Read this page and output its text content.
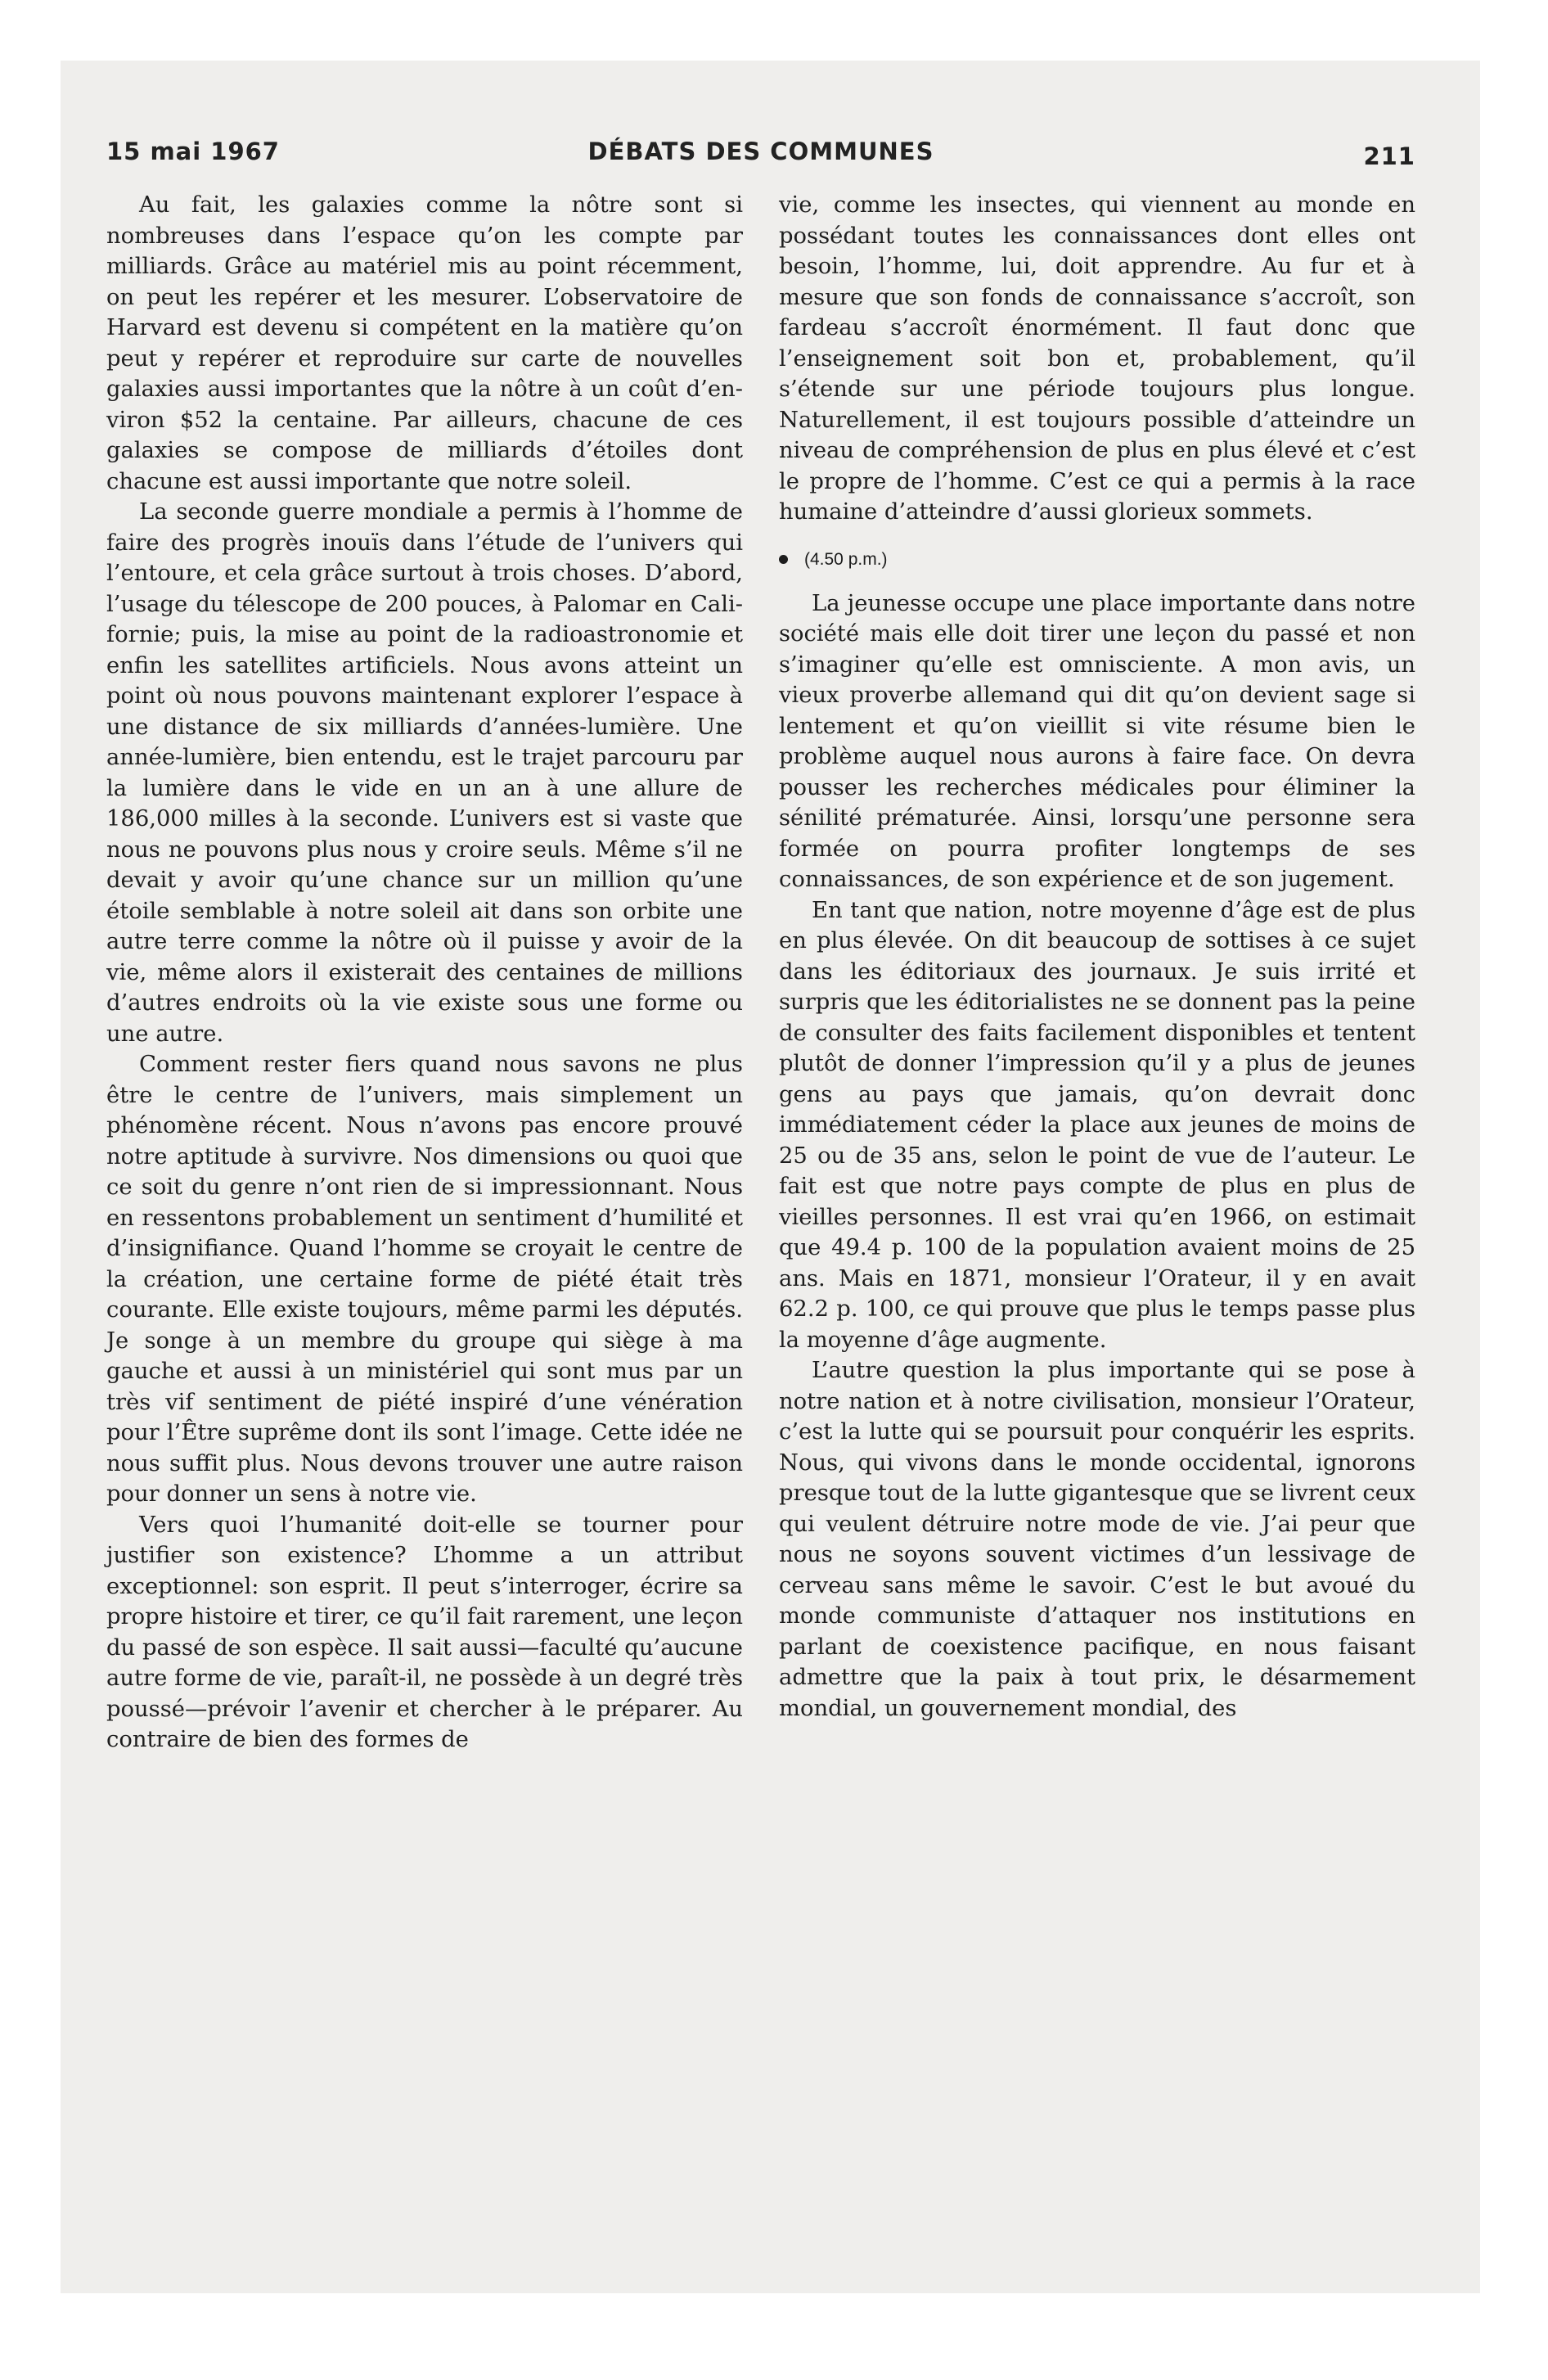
15 mai 1967	DÉBATS DES COMMUNES	211

Au fait, les galaxies comme la nôtre sont si nombreuses dans l’espace qu’on les compte par milliards. Grâce au matériel mis au point récemment, on peut les repérer et les mesurer. L’observatoire de Harvard est devenu si compétent en la matière qu’on peut y repérer et reproduire sur carte de nouvelles galaxies aussi importantes que la nôtre à un coût d’environ $52 la centaine. Par ailleurs, chacune de ces galaxies se compose de milliards d’étoiles dont chacune est aussi importante que notre soleil.

La seconde guerre mondiale a permis à l’homme de faire des progrès inouïs dans l’étude de l’univers qui l’entoure, et cela grâce surtout à trois choses. D’abord, l’usage du télescope de 200 pouces, à Palomar en Californie; puis, la mise au point de la radioastronomie et enfin les satellites artificiels. Nous avons atteint un point où nous pouvons maintenant explorer l’espace à une distance de six milliards d’années-lumière. Une année-lumière, bien entendu, est le trajet parcouru par la lumière dans le vide en un an à une allure de 186,000 milles à la seconde. L’univers est si vaste que nous ne pouvons plus nous y croire seuls. Même s’il ne devait y avoir qu’une chance sur un million qu’une étoile semblable à notre soleil ait dans son orbite une autre terre comme la nôtre où il puisse y avoir de la vie, même alors il existerait des centaines de millions d’autres endroits où la vie existe sous une forme ou une autre.

Comment rester fiers quand nous savons ne plus être le centre de l’univers, mais simplement un phénomène récent. Nous n’avons pas encore prouvé notre aptitude à survivre. Nos dimensions ou quoi que ce soit du genre n’ont rien de si impressionnant. Nous en ressentons probablement un sentiment d’humilité et d’insignifiance. Quand l’homme se croyait le centre de la création, une certaine forme de piété était très courante. Elle existe toujours, même parmi les députés. Je songe à un membre du groupe qui siège à ma gauche et aussi à un ministériel qui sont mus par un très vif sentiment de piété inspiré d’une vénération pour l’Être suprême dont ils sont l’image. Cette idée ne nous suffit plus. Nous devons trouver une autre raison pour donner un sens à notre vie.

Vers quoi l’humanité doit-elle se tourner pour justifier son existence? L’homme a un attribut exceptionnel: son esprit. Il peut s’interroger, écrire sa propre histoire et tirer, ce qu’il fait rarement, une leçon du passé de son espèce. Il sait aussi—faculté qu’aucune autre forme de vie, paraît-il, ne possède à un degré très poussé—prévoir l’avenir et chercher à le préparer. Au contraire de bien des formes de

vie, comme les insectes, qui viennent au monde en possédant toutes les connaissances dont elles ont besoin, l’homme, lui, doit apprendre. Au fur et à mesure que son fonds de connaissance s’accroît, son fardeau s’accroît énormément. Il faut donc que l’enseignement soit bon et, probablement, qu’il s’étende sur une période toujours plus longue. Naturellement, il est toujours possible d’atteindre un niveau de compréhension de plus en plus élevé et c’est le propre de l’homme. C’est ce qui a permis à la race humaine d’atteindre d’aussi glorieux sommets.

(4.50 p.m.)

La jeunesse occupe une place importante dans notre société mais elle doit tirer une leçon du passé et non s’imaginer qu’elle est omnisciente. A mon avis, un vieux proverbe allemand qui dit qu’on devient sage si lentement et qu’on vieillit si vite résume bien le problème auquel nous aurons à faire face. On devra pousser les recherches médicales pour éliminer la sénilité prématurée. Ainsi, lorsqu’une personne sera formée on pourra profiter longtemps de ses connaissances, de son expérience et de son jugement.

En tant que nation, notre moyenne d’âge est de plus en plus élevée. On dit beaucoup de sottises à ce sujet dans les éditoriaux des journaux. Je suis irrité et surpris que les éditorialistes ne se donnent pas la peine de consulter des faits facilement disponibles et tentent plutôt de donner l’impression qu’il y a plus de jeunes gens au pays que jamais, qu’on devrait donc immédiatement céder la place aux jeunes de moins de 25 ou de 35 ans, selon le point de vue de l’auteur. Le fait est que notre pays compte de plus en plus de vieilles personnes. Il est vrai qu’en 1966, on estimait que 49.4 p. 100 de la population avaient moins de 25 ans. Mais en 1871, monsieur l’Orateur, il y en avait 62.2 p. 100, ce qui prouve que plus le temps passe plus la moyenne d’âge augmente.

L’autre question la plus importante qui se pose à notre nation et à notre civilisation, monsieur l’Orateur, c’est la lutte qui se poursuit pour conquérir les esprits. Nous, qui vivons dans le monde occidental, ignorons presque tout de la lutte gigantesque que se livrent ceux qui veulent détruire notre mode de vie. J’ai peur que nous ne soyons souvent victimes d’un lessivage de cerveau sans même le savoir. C’est le but avoué du monde communiste d’attaquer nos institutions en parlant de coexistence pacifique, en nous faisant admettre que la paix à tout prix, le désarmement mondial, un gouvernement mondial, des
